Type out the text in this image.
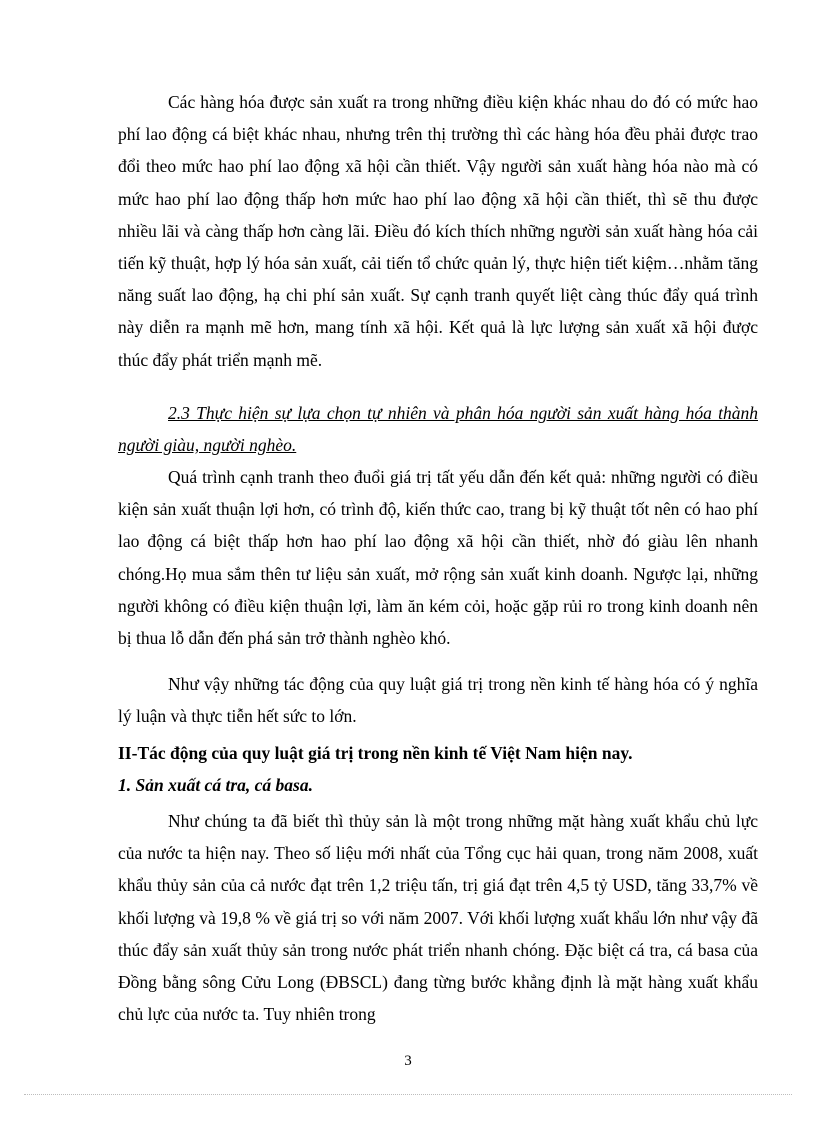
Các hàng hóa được sản xuất ra trong những điều kiện khác nhau do đó có mức hao phí lao động cá biệt khác nhau, nhưng trên thị trường thì các hàng hóa đều phải được trao đổi theo mức hao phí lao động xã hội cần thiết. Vậy người sản xuất hàng hóa nào mà có mức hao phí lao động thấp hơn mức hao phí lao động xã hội cần thiết, thì sẽ thu được nhiều lãi và càng thấp hơn càng lãi. Điều đó kích thích những người sản xuất hàng hóa cải tiến kỹ thuật, hợp lý hóa sản xuất, cải tiến tổ chức quản lý, thực hiện tiết kiệm…nhằm tăng năng suất lao động, hạ chi phí sản xuất. Sự cạnh tranh quyết liệt càng thúc đẩy quá trình này diễn ra mạnh mẽ hơn, mang tính xã hội. Kết quả là lực lượng sản xuất xã hội được thúc đẩy phát triển mạnh mẽ.

2.3 Thực hiện sự lựa chọn tự nhiên và phân hóa người sản xuất hàng hóa thành người giàu, người nghèo.

Quá trình cạnh tranh theo đuổi giá trị tất yếu dẫn đến kết quả: những người có điều kiện sản xuất thuận lợi hơn, có trình độ, kiến thức cao, trang bị kỹ thuật tốt nên có hao phí lao động cá biệt thấp hơn hao phí lao động xã hội cần thiết, nhờ đó giàu lên nhanh chóng.Họ mua sắm thên tư liệu sản xuất, mở rộng sản xuất kinh doanh. Ngược lại, những người không có điều kiện thuận lợi, làm ăn kém cỏi, hoặc gặp rủi ro trong kinh doanh nên bị thua lỗ dẫn đến phá sản trở thành nghèo khó.

Như vậy những tác động của quy luật giá trị trong nền kinh tế hàng hóa có ý nghĩa lý luận và thực tiễn hết sức to lớn.

II-Tác động của quy luật giá trị trong nền kinh tế Việt Nam hiện nay.
1. Sản xuất cá tra, cá basa.

Như chúng ta đã biết thì thủy sản là một trong những mặt hàng xuất khẩu chủ lực của nước ta hiện nay. Theo số liệu mới nhất của Tổng cục hải quan, trong năm 2008, xuất khẩu thủy sản của cả nước đạt trên 1,2 triệu tấn, trị giá đạt trên 4,5 tỷ USD, tăng 33,7% về khối lượng và 19,8 % về giá trị so với năm 2007. Với khối lượng xuất khẩu lớn như vậy đã thúc đẩy sản xuất thủy sản trong nước phát triển nhanh chóng. Đặc biệt cá tra, cá basa của Đồng bằng sông Cửu Long (ĐBSCL) đang từng bước khẳng định là mặt hàng xuất khẩu chủ lực của nước ta. Tuy nhiên trong

3
